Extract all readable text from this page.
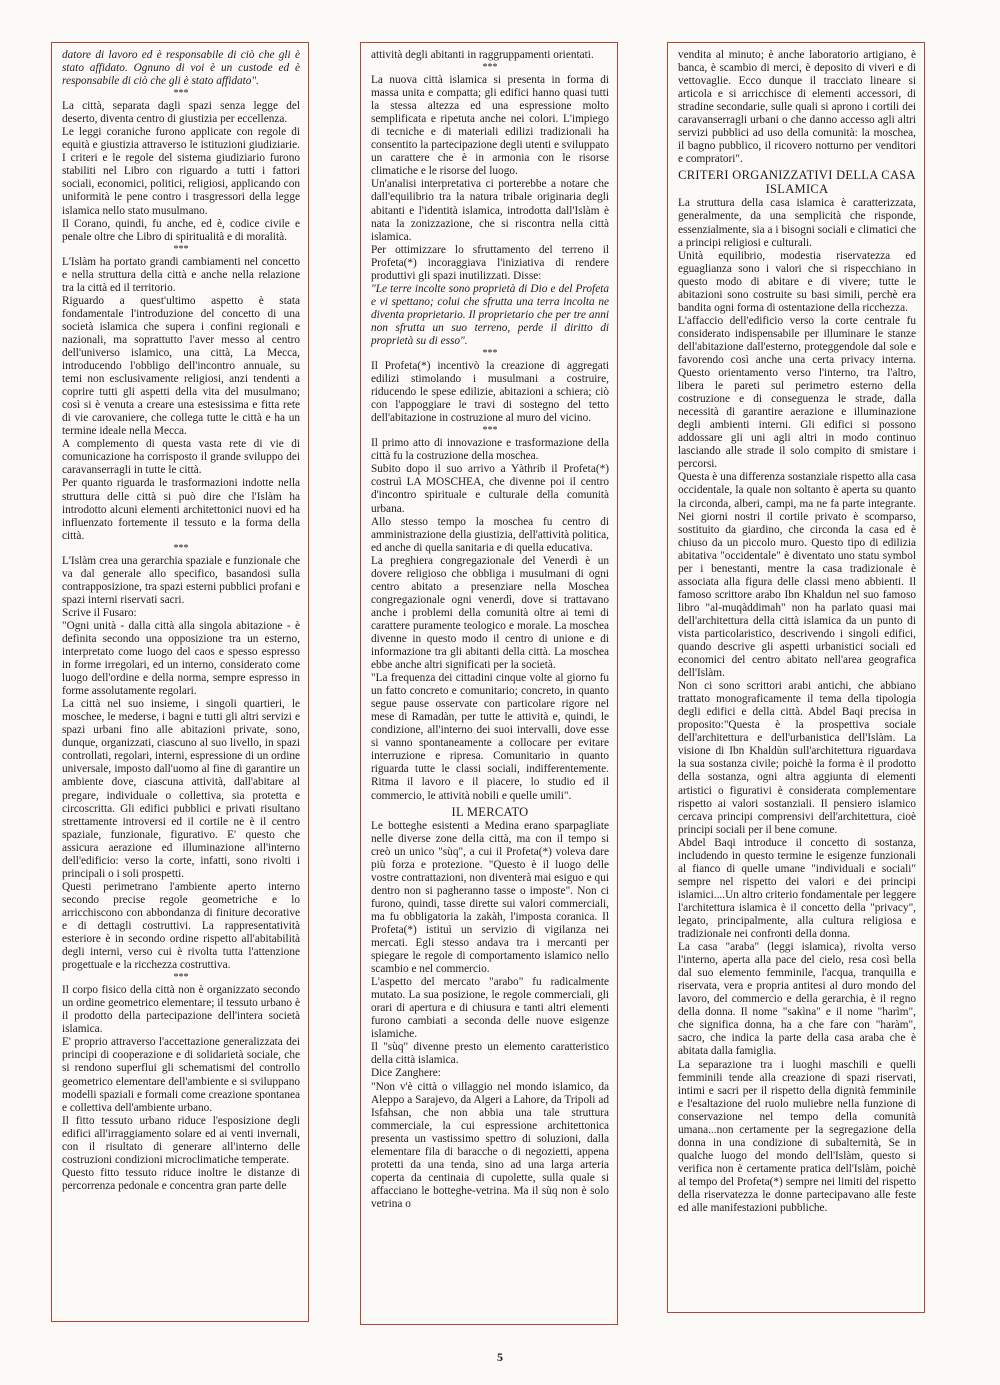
datore di lavoro ed è responsabile di ciò che gli è stato affidato. Ognuno di voi è un custode ed è responsabile di ciò che gli è stato affidato".

***

La città, separata dagli spazi senza legge del deserto, diventa centro di giustizia per eccellenza.

Le leggi coraniche furono applicate con regole di equità e giustizia attraverso le istituzioni giudiziarie. I criteri e le regole del sistema giudiziario furono stabiliti nel Libro con riguardo a tutti i fattori sociali, economici, politici, religiosi, applicando con uniformità le pene contro i trasgressori della legge islamica nello stato musulmano.

Il Corano, quindi, fu anche, ed è, codice civile e penale oltre che Libro di spiritualità e di moralità.

***

L'Islàm ha portato grandi cambiamenti nel concetto e nella struttura della città e anche nella relazione tra la città ed il territorio.

Riguardo a quest'ultimo aspetto è stata fondamentale l'introduzione del concetto di una società islamica che supera i confini regionali e nazionali, ma soprattutto l'aver messo al centro dell'universo islamico, una città, La Mecca, introducendo l'obbligo dell'incontro annuale, su temi non esclusivamente religiosi, anzi tendenti a coprire tutti gli aspetti della vita del musulmano; così si è venuta a creare una estesissima e fitta rete di vie carovaniere, che collega tutte le città e ha un termine ideale nella Mecca.

A complemento di questa vasta rete di vie di comunicazione ha corrisposto il grande sviluppo dei caravanserragli in tutte le città.

Per quanto riguarda le trasformazioni indotte nella struttura delle città si può dire che l'Islàm ha introdotto alcuni elementi architettonici nuovi ed ha influenzato fortemente il tessuto e la forma della città.

***

L'Islàm crea una gerarchia spaziale e funzionale che va dal generale allo specifico, basandosi sulla contrapposizione, tra spazi esterni pubblici profani e spazi interni riservati sacri.

Scrive il Fusaro:

"Ogni unità - dalla città alla singola abitazione - è definita secondo una opposizione tra un esterno, interpretato come luogo del caos e spesso espresso in forme irregolari, ed un interno, considerato come luogo dell'ordine e della norma, sempre espresso in forme assolutamente regolari.

La città nel suo insieme, i singoli quartieri, le moschee, le mederse, i bagni e tutti gli altri servizi e spazi urbani fino alle abitazioni private, sono, dunque, organizzati, ciascuno al suo livello, in spazi controllati, regolari, interni, espressione di un ordine universale, imposto dall'uomo al fine di garantire un ambiente dove, ciascuna attività, dall'abitare al pregare, individuale o collettiva, sia protetta e circoscritta. Gli edifici pubblici e privati risultano strettamente introversi ed il cortile ne è il centro spaziale, funzionale, figurativo. E' questo che assicura aerazione ed illuminazione all'interno dell'edificio: verso la corte, infatti, sono rivolti i principali o i soli prospetti.

Questi perimetrano l'ambiente aperto interno secondo precise regole geometriche e lo arricchiscono con abbondanza di finiture decorative e di dettagli costruttivi. La rappresentatività esteriore è in secondo ordine rispetto all'abitabilità degli interni, verso cui è rivolta tutta l'attenzione progettuale e la ricchezza costruttiva.

***

Il corpo fisico della città non è organizzato secondo un ordine geometrico elementare; il tessuto urbano è il prodotto della partecipazione dell'intera società islamica.

E' proprio attraverso l'accettazione generalizzata dei principi di cooperazione e di solidarietà sociale, che si rendono superflui gli schematismi del controllo geometrico elementare dell'ambiente e si sviluppano modelli spaziali e formali come creazione spontanea e collettiva dell'ambiente urbano.

Il fitto tessuto urbano riduce l'esposizione degli edifici all'irraggiamento solare ed ai venti invernali, con il risultato di generare all'interno delle costruzioni condizioni microclimatiche temperate.

Questo fitto tessuto riduce inoltre le distanze di percorrenza pedonale e concentra gran parte delle

attività degli abitanti in raggruppamenti orientati.

***

La nuova città islamica si presenta in forma di massa unita e compatta; gli edifici hanno quasi tutti la stessa altezza ed una espressione molto semplificata e ripetuta anche nei colori. L'impiego di tecniche e di materiali edilizi tradizionali ha consentito la partecipazione degli utenti e sviluppato un carattere che è in armonia con le risorse climatiche e le risorse del luogo.

Un'analisi interpretativa ci porterebbe a notare che dall'equilibrio tra la natura tribale originaria degli abitanti e l'identità islamica, introdotta dall'Islàm è nata la zonizzazione, che si riscontra nella città islamica.

Per ottimizzare lo sfruttamento del terreno il Profeta(*) incoraggiava l'iniziativa di rendere produttivi gli spazi inutilizzati. Disse:

"Le terre incolte sono proprietà di Dio e del Profeta e vi spettano; colui che sfrutta una terra incolta ne diventa proprietario. Il proprietario che per tre anni non sfrutta un suo terreno, perde il diritto di proprietà su di esso".

***

Il Profeta(*) incentivò la creazione di aggregati edilizi stimolando i musulmani a costruire, riducendo le spese edilizie, abitazioni a schiera; ciò con l'appoggiare le travi di sostegno del tetto dell'abitazione in costruzione al muro del vicino.

***

Il primo atto di innovazione e trasformazione della città fu la costruzione della moschea.

Subito dopo il suo arrivo a Yàthrib il Profeta(*) costruì LA MOSCHEA, che divenne poi il centro d'incontro spirituale e culturale della comunità urbana.

Allo stesso tempo la moschea fu centro di amministrazione della giustizia, dell'attività politica, ed anche di quella sanitaria e di quella educativa.

La preghiera congregazionale del Venerdì è un dovere religioso che obbliga i musulmani di ogni centro abitato a presenziare nella Moschea congregazionale ogni venerdì, dove si trattavano anche i problemi della comunità oltre ai temi di carattere puramente teologico e morale. La moschea divenne in questo modo il centro di unione e di informazione tra gli abitanti della città. La moschea ebbe anche altri significati per la società.

"La frequenza dei cittadini cinque volte al giorno fu un fatto concreto e comunitario; concreto, in quanto segue pause osservate con particolare rigore nel mese di Ramadàn, per tutte le attività e, quindi, le condizione, all'interno dei suoi intervalli, dove esse si vanno spontaneamente a collocare per evitare interruzione e ripresa. Comunitario in quanto riguarda tutte le classi sociali, indifferentemente. Ritma il lavoro e il piacere, lo studio ed il commercio, le attività nobili e quelle umili".

IL MERCATO

Le botteghe esistenti a Medina erano sparpagliate nelle diverse zone della città, ma con il tempo si creò un unico "sùq", a cui il Profeta(*) voleva dare più forza e protezione. "Questo è il luogo delle vostre contrattazioni, non diventerà mai esiguo e qui dentro non si pagheranno tasse o imposte". Non ci furono, quindi, tasse dirette sui valori commerciali, ma fu obbligatoria la zakàh, l'imposta coranica. Il Profeta(*) istituì un servizio di vigilanza nei mercati. Egli stesso andava tra i mercanti per spiegare le regole di comportamento islamico nello scambio e nel commercio.

L'aspetto del mercato "arabo" fu radicalmente mutato. La sua posizione, le regole commerciali, gli orari di apertura e di chiusura e tanti altri elementi furono cambiati a seconda delle nuove esigenze islamiche.

Il "sùq" divenne presto un elemento caratteristico della città islamica.

Dice Zanghere:

"Non v'è città o villaggio nel mondo islamico, da Aleppo a Sarajevo, da Algeri a Lahore, da Tripoli ad Isfahsan, che non abbia una tale struttura commerciale, la cui espressione architettonica presenta un vastissimo spettro di soluzioni, dalla elementare fila di baracche o di negozietti, appena protetti da una tenda, sino ad una larga arteria coperta da centinaia di cupolette, sulla quale si affacciano le botteghe-vetrina. Ma il sùq non è solo vetrina o

vendita al minuto; è anche laboratorio artigiano, è banca, è scambio di merci, è deposito di viveri e di vettovaglie. Ecco dunque il tracciato lineare si articola e si arricchisce di elementi accessori, di stradine secondarie, sulle quali si aprono i cortili dei caravanserragli urbani o che danno accesso agli altri servizi pubblici ad uso della comunità: la moschea, il bagno pubblico, il ricovero notturno per venditori e compratori".

CRITERI ORGANIZZATIVI DELLA CASA ISLAMICA

La struttura della casa islamica è caratterizzata, generalmente, da una semplicità che risponde, essenzialmente, sia a i bisogni sociali e climatici che a principi religiosi e culturali.

Unità equilibrio, modestia riservatezza ed eguaglianza sono i valori che si rispecchiano in questo modo di abitare e di vivere; tutte le abitazioni sono costruite su basi simili, perchè era bandita ogni forma di ostentazione della ricchezza.

L'affaccio dell'edificio verso la corte centrale fu considerato indispensabile per illuminare le stanze dell'abitazione dall'esterno, proteggendole dal sole e favorendo così anche una certa privacy interna. Questo orientamento verso l'interno, tra l'altro, libera le pareti sul perimetro esterno della costruzione e di conseguenza le strade, dalla necessità di garantire aerazione e illuminazione degli ambienti interni. Gli edifici si possono addossare gli uni agli altri in modo continuo lasciando alle strade il solo compito di smistare i percorsi.

Questa è una differenza sostanziale rispetto alla casa occidentale, la quale non soltanto è aperta su quanto la circonda, alberi, campi, ma ne fa parte integrante. Nei giorni nostri il cortile privato è scomparso, sostituito da giardino, che circonda la casa ed è chiuso da un piccolo muro. Questo tipo di edilizia abitativa "occidentale" è diventato uno statu symbol per i benestanti, mentre la casa tradizionale è associata alla figura delle classi meno abbienti. Il famoso scrittore arabo Ibn Khaldun nel suo famoso libro "al-muqàddimah" non ha parlato quasi mai dell'architettura della città islamica da un punto di vista particolaristico, descrivendo i singoli edifici, quando descrive gli aspetti urbanistici sociali ed economici del centro abitato nell'area geografica dell'Islàm.

Non ci sono scrittori arabi antichi, che abbiano trattato monograficamente il tema della tipologia degli edifici e della città. Abdel Baqi precisa in proposito:"Questa è la prospettiva sociale dell'architettura e dell'urbanistica dell'Islàm. La visione di Ibn Khaldùn sull'architettura riguardava la sua sostanza civile; poichè la forma è il prodotto della sostanza, ogni altra aggiunta di elementi artistici o figurativi è considerata complementare rispetto ai valori sostanziali. Il pensiero islamico cercava principi comprensivi dell'architettura, cioè principi sociali per il bene comune.

Abdel Baqi introduce il concetto di sostanza, includendo in questo termine le esigenze funzionali al fianco di quelle umane "individuali e sociali" sempre nel rispetto dei valori e dei principi islamici....Un altro criterio fondamentale per leggere l'architettura islamica è il concetto della "privacy", legato, principalmente, alla cultura religiosa e tradizionale nei confronti della donna.

La casa "araba" (leggi islamica), rivolta verso l'interno, aperta alla pace del cielo, resa così bella dal suo elemento femminile, l'acqua, tranquilla e riservata, vera e propria antitesi al duro mondo del lavoro, del commercio e della gerarchia, è il regno della donna. Il nome "sakìna" e il nome "harìm", che significa donna, ha a che fare con "haràm", sacro, che indica la parte della casa araba che è abitata dalla famiglia.

La separazione tra i luoghi maschili e quelli femminili tende alla creazione di spazi riservati, intimi e sacri per il rispetto della dignità femminile e l'esaltazione del ruolo muliebre nella funzione di conservazione nel tempo della comunità umana...non certamente per la segregazione della donna in una condizione di subalternità, Se in qualche luogo del mondo dell'Islàm, questo si verifica non è certamente pratica dell'Islàm, poichè al tempo del Profeta(*) sempre nei limiti del rispetto della riservatezza le donne partecipavano alle feste ed alle manifestazioni pubbliche.

5
